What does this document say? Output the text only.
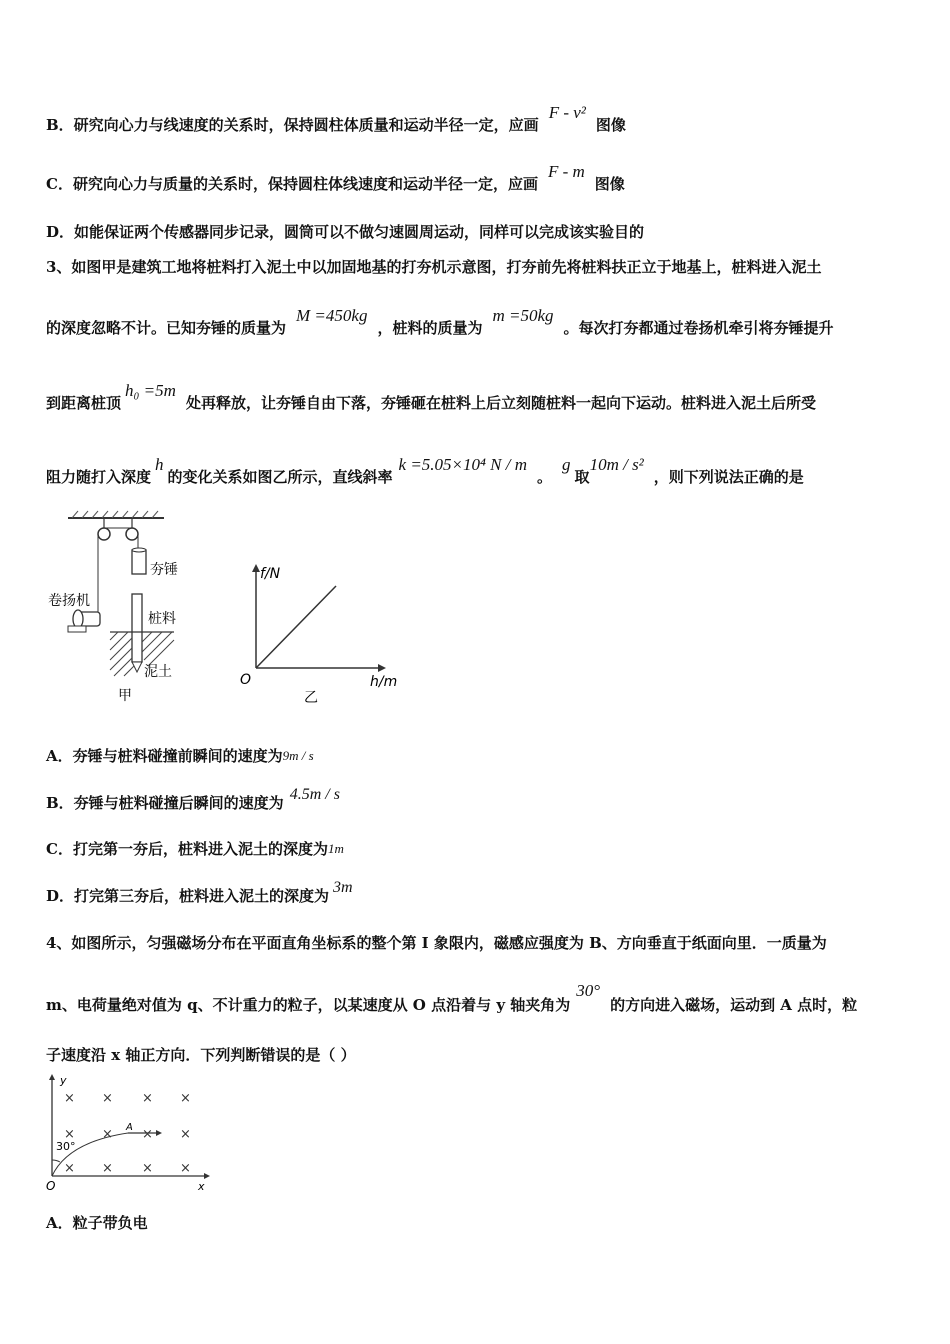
B．研究向心力与线速度的关系时，保持圆柱体质量和运动半径一定，应画F - v²图像
C．研究向心力与质量的关系时，保持圆柱体线速度和运动半径一定，应画F - m图像
D．如能保证两个传感器同步记录，圆筒可以不做匀速圆周运动，同样可以完成该实验目的
3、如图甲是建筑工地将桩料打入泥土中以加固地基的打夯机示意图，打夯前先将桩料扶正立于地基上，桩料进入泥土
的深度忽略不计。已知夯锤的质量为M =450kg，桩料的质量为m =50kg。每次打夯都通过卷扬机牵引将夯锤提升
到距离桩顶h₀ =5m处再释放，让夯锤自由下落，夯锤砸在桩料上后立刻随桩料一起向下运动。桩料进入泥土后所受
阻力随打入深度h的变化关系如图乙所示，直线斜率k =5.05×10⁴ N / m。g取10m / s²，则下列说法正确的是
夯锤
卷扬机
桩料
泥土
甲
f/N
h/m
O
乙
A．夯锤与桩料碰撞前瞬间的速度为9m / s
B．夯锤与桩料碰撞后瞬间的速度为 4.5m / s
C．打完第一夯后，桩料进入泥土的深度为1m
D．打完第三夯后，桩料进入泥土的深度为 3m
4、如图所示，匀强磁场分布在平面直角坐标系的整个第 I 象限内，磁感应强度为 B、方向垂直于纸面向里．一质量为
m、电荷量绝对值为 q、不计重力的粒子，以某速度从 O 点沿着与 y 轴夹角为30°的方向进入磁场，运动到 A 点时，粒
子速度沿 x 轴正方向．下列判断错误的是（ ）
y
x
O
× × × ×
× × × ×
× × × ×
A
30°
A．粒子带负电
